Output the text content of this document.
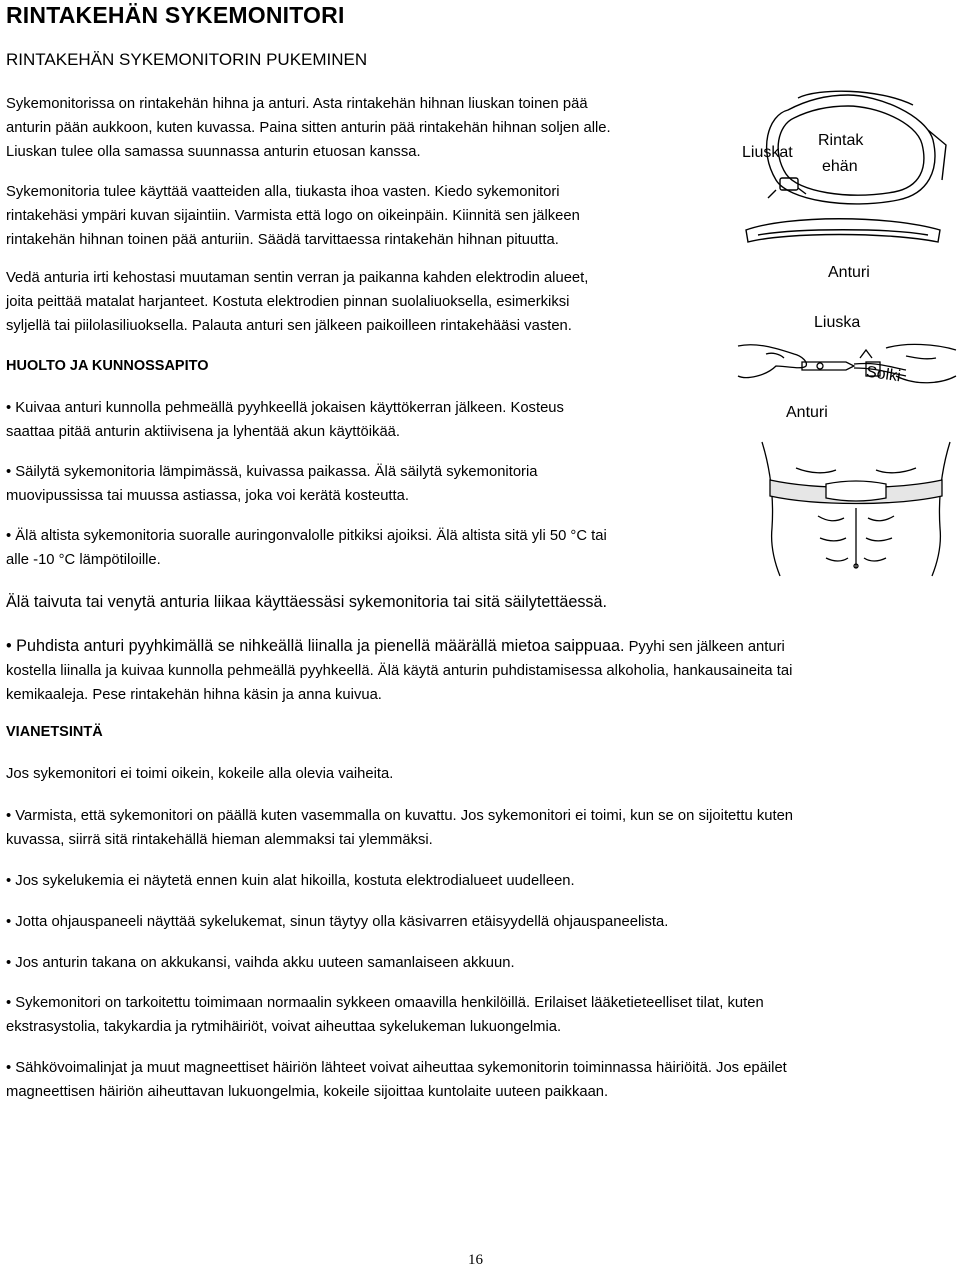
RINTAKEHÄN SYKEMONITORI
RINTAKEHÄN SYKEMONITORIN PUKEMINEN

Sykemonitorissa on rintakehän hihna ja anturi. Asta rintakehän hihnan liuskan toinen pää

anturin pään aukkoon, kuten kuvassa. Paina sitten anturin pää rintakehän hihnan soljen alle.

Liuskan tulee olla samassa suunnassa anturin etuosan kanssa.

Sykemonitoria tulee käyttää vaatteiden alla, tiukasta ihoa vasten. Kiedo sykemonitori

rintakehäsi ympäri kuvan sijaintiin. Varmista että logo on oikeinpäin. Kiinnitä sen jälkeen

rintakehän hihnan toinen pää anturiin. Säädä tarvittaessa rintakehän hihnan pituutta.

Vedä anturia irti kehostasi muutaman sentin verran ja paikanna kahden elektrodin alueet,

joita peittää matalat harjanteet. Kostuta elektrodien pinnan suolaliuoksella, esimerkiksi

syljellä tai piilolasiliuoksella. Palauta anturi sen jälkeen paikoilleen rintakehääsi vasten.

HUOLTO JA KUNNOSSAPITO

• Kuivaa anturi kunnolla pehmeällä pyyhkeellä jokaisen käyttökerran jälkeen. Kosteus

saattaa pitää anturin aktiivisena ja lyhentää akun käyttöikää.

• Säilytä sykemonitoria lämpimässä, kuivassa paikassa. Älä säilytä sykemonitoria

muovipussissa tai muussa astiassa, joka voi kerätä kosteutta.

• Älä altista sykemonitoria suoralle auringonvalolle pitkiksi ajoiksi. Älä altista sitä yli 50 °C tai

alle -10 °C lämpötiloille.

Älä taivuta tai venytä anturia liikaa käyttäessäsi sykemonitoria tai sitä säilytettäessä.

• Puhdista anturi pyyhkimällä se nihkeällä liinalla ja pienellä määrällä mietoa saippuaa. Pyyhi sen jälkeen anturi

kostella liinalla ja kuivaa kunnolla pehmeällä pyyhkeellä. Älä käytä anturin puhdistamisessa alkoholia, hankausaineita tai

kemikaaleja. Pese rintakehän hihna käsin ja anna kuivua.

VIANETSINTÄ

Jos sykemonitori ei toimi oikein, kokeile alla olevia vaiheita.

• Varmista, että sykemonitori on päällä kuten vasemmalla on kuvattu. Jos sykemonitori ei toimi, kun se on sijoitettu kuten

kuvassa, siirrä sitä rintakehällä hieman alemmaksi tai ylemmäksi.

• Jos sykelukemia ei näytetä ennen kuin alat hikoilla, kostuta elektrodialueet uudelleen.

• Jotta ohjauspaneeli näyttää sykelukemat, sinun täytyy olla käsivarren etäisyydellä ohjauspaneelista.

• Jos anturin takana on akkukansi, vaihda akku uuteen samanlaiseen akkuun.

• Sykemonitori on tarkoitettu toimimaan normaalin sykkeen omaavilla henkilöillä. Erilaiset lääketieteelliset tilat, kuten

ekstrasystolia, takykardia ja rytmihäiriöt, voivat aiheuttaa sykelukeman lukuongelmia.

• Sähkövoimalinjat ja muut magneettiset häiriön lähteet voivat aiheuttaa sykemonitorin toiminnassa häiriöitä. Jos epäilet

magneettisen häiriön aiheuttavan lukuongelmia, kokeile sijoittaa kuntolaite uuteen paikkaan.

Liuskat
Rintak
ehän
Anturi
Liuska
Solki
Anturi
16
